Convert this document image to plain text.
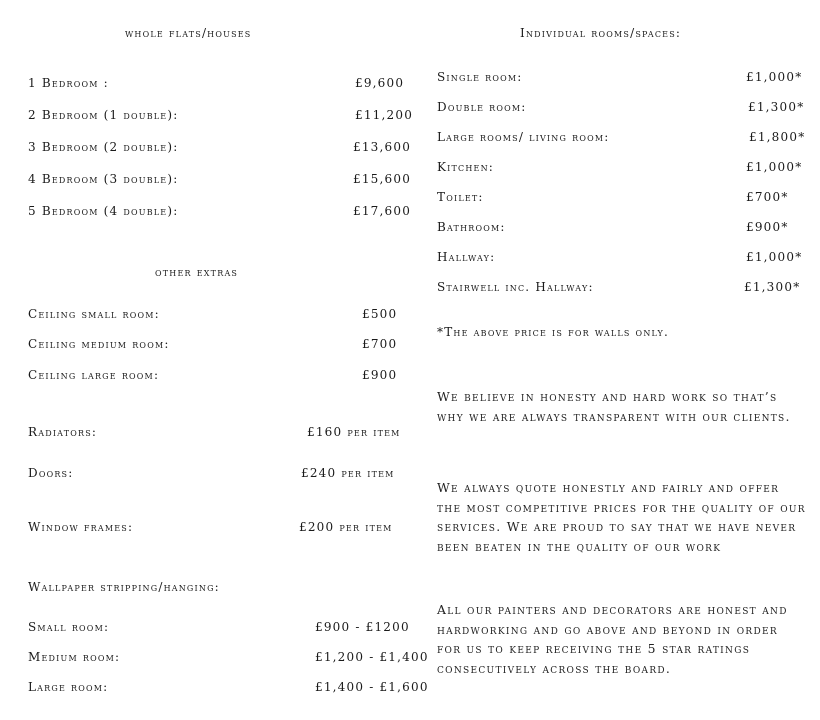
whole flats/houses
1 Bedroom :	£9,600
2 Bedroom (1 double):	£11,200
3 Bedroom (2 double):	£13,600
4 Bedroom (3 double):	£15,600
5 Bedroom (4 double):	£17,600
other extras
Ceiling small room:	£500
Ceiling medium room:	£700
Ceiling large room:	£900
Radiators:	£160 per item
Doors:	£240 per item
Window frames:	£200 per item
Wallpaper stripping/hanging:
Small room:	£900 - £1200
Medium room:	£1,200 - £1,400
Large room:	£1,400 - £1,600
Individual rooms/spaces:
Single room:	£1,000*
Double room:	£1,300*
Large rooms/ living room:	£1,800*
Kitchen:	£1,000*
Toilet:	£700*
Bathroom:	£900*
Hallway:	£1,000*
Stairwell inc. Hallway:	£1,300*
*The above price is for walls only.
We believe in honesty and hard work so that’s why we are always transparent with our clients.
We always quote honestly and fairly and offer the most competitive prices for the quality of our services. We are proud to say that we have never been beaten in the quality of our work
All our painters and decorators are honest and hardworking and go above and beyond in order for us to keep receiving the 5 star ratings consecutively across the board.
